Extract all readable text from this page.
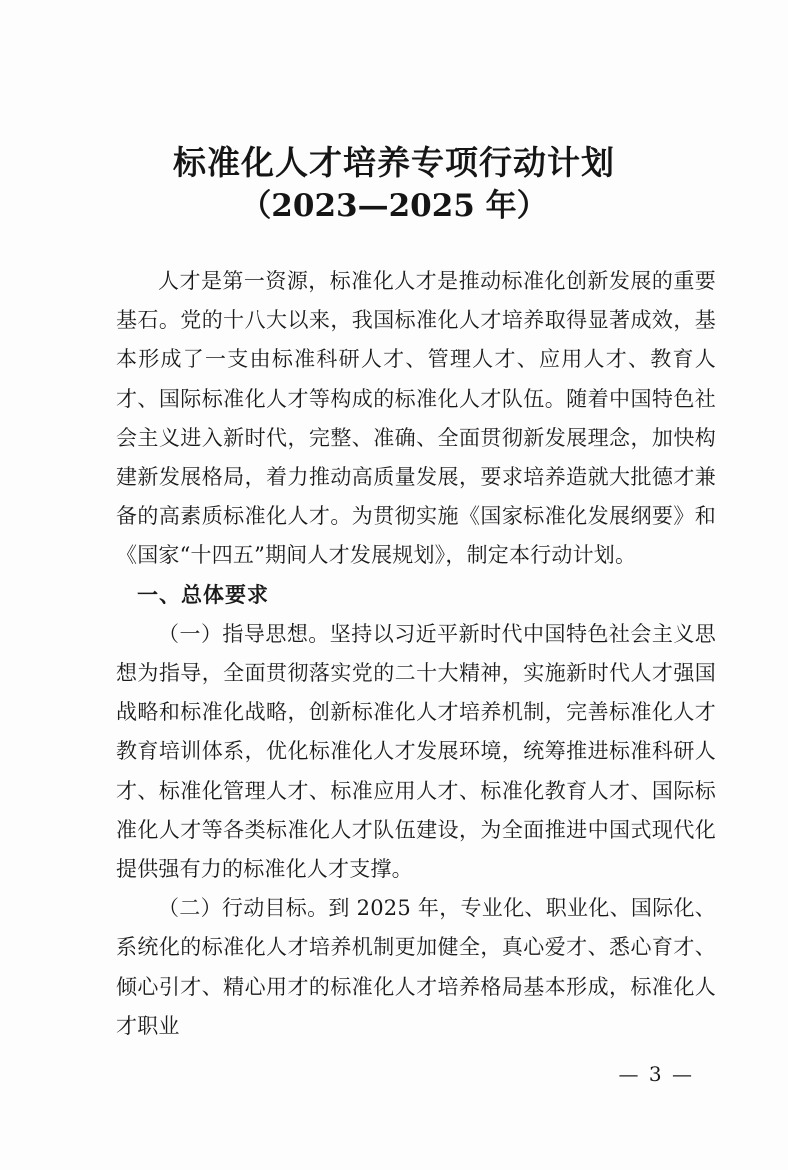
标准化人才培养专项行动计划
（2023—2025 年）

人才是第一资源，标准化人才是推动标准化创新发展的重要基石。党的十八大以来，我国标准化人才培养取得显著成效，基本形成了一支由标准科研人才、管理人才、应用人才、教育人才、国际标准化人才等构成的标准化人才队伍。随着中国特色社会主义进入新时代，完整、准确、全面贯彻新发展理念，加快构建新发展格局，着力推动高质量发展，要求培养造就大批德才兼备的高素质标准化人才。为贯彻实施《国家标准化发展纲要》和《国家“十四五”期间人才发展规划》，制定本行动计划。

一、总体要求

（一）指导思想。坚持以习近平新时代中国特色社会主义思想为指导，全面贯彻落实党的二十大精神，实施新时代人才强国战略和标准化战略，创新标准化人才培养机制，完善标准化人才教育培训体系，优化标准化人才发展环境，统筹推进标准科研人才、标准化管理人才、标准应用人才、标准化教育人才、国际标准化人才等各类标准化人才队伍建设，为全面推进中国式现代化提供强有力的标准化人才支撑。

（二）行动目标。到 2025 年，专业化、职业化、国际化、系统化的标准化人才培养机制更加健全，真心爱才、悉心育才、倾心引才、精心用才的标准化人才培养格局基本形成，标准化人才职业

— 3 —
